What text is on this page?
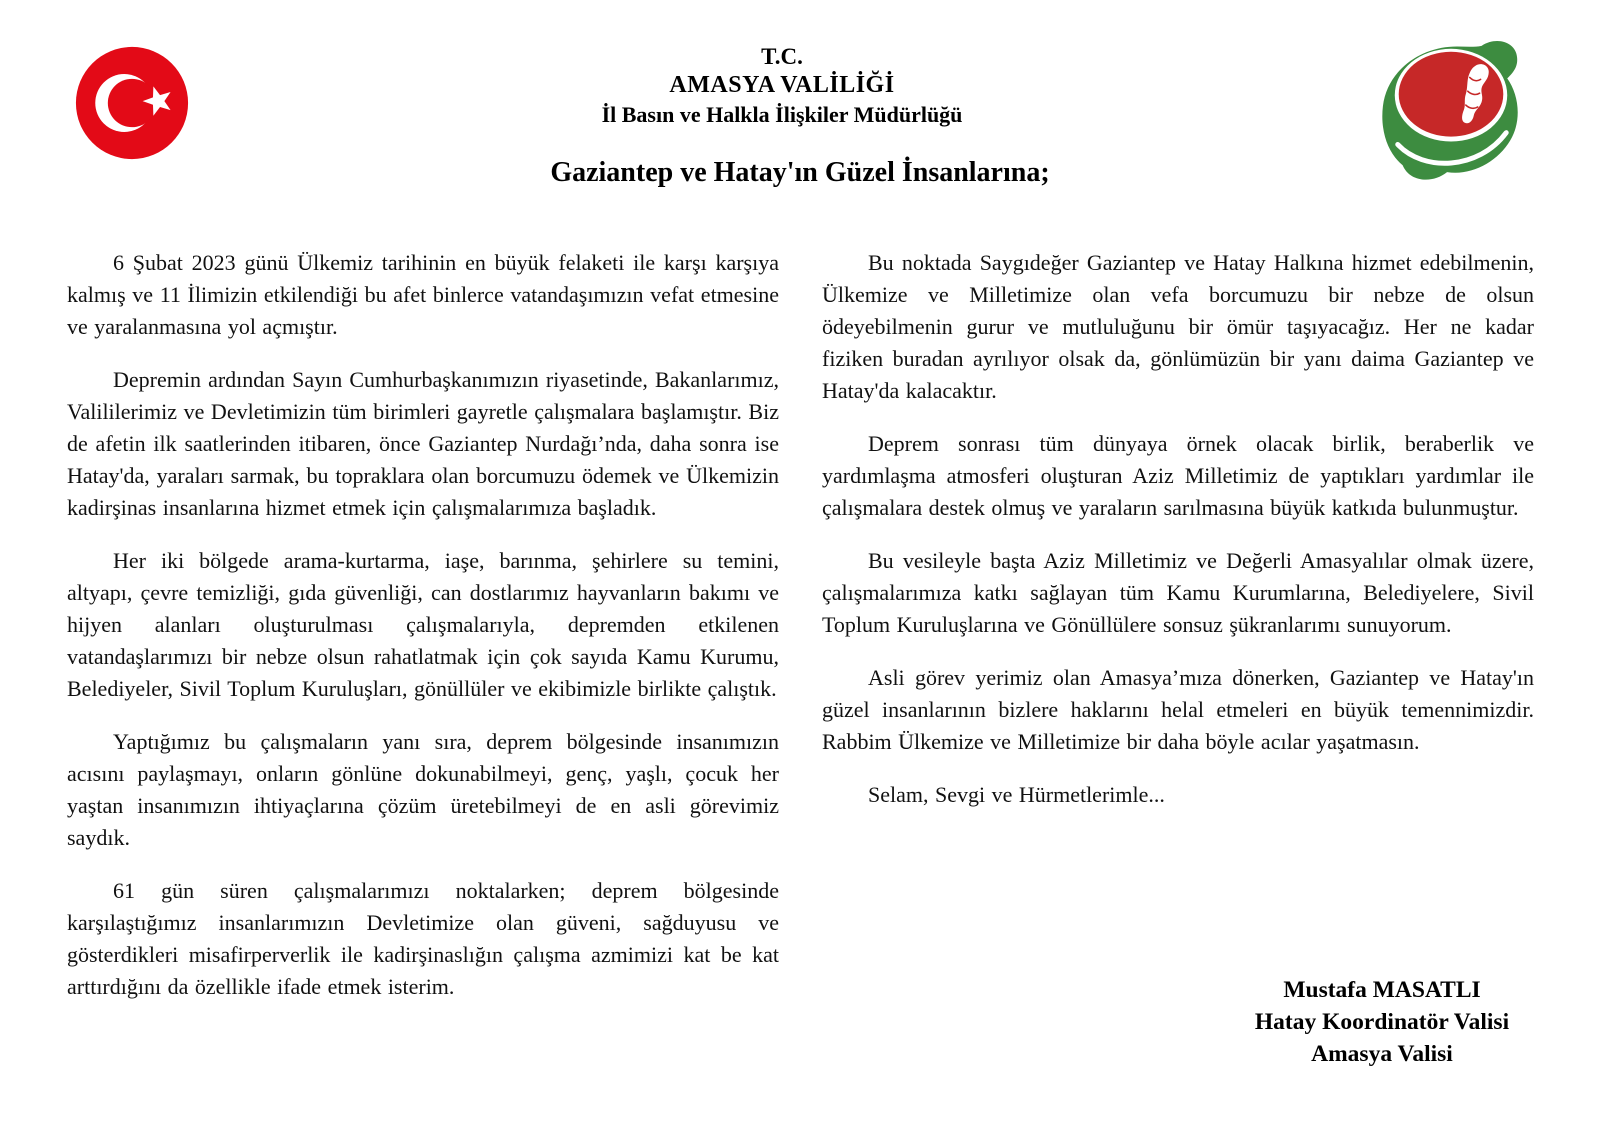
T.C.
AMASYA VALİLİĞİ
İl Basın ve Halkla İlişkiler Müdürlüğü
Gaziantep ve Hatay'ın Güzel İnsanlarına;

6 Şubat 2023 günü Ülkemiz tarihinin en büyük felaketi ile karşı karşıya kalmış ve 11 İlimizin etkilendiği bu afet binlerce vatandaşımızın vefat etmesine ve yaralanmasına yol açmıştır.

Depremin ardından Sayın Cumhurbaşkanımızın riyasetinde, Bakanlarımız, Valililerimiz ve Devletimizin tüm birimleri gayretle çalışmalara başlamıştır. Biz de afetin ilk saatlerinden itibaren, önce Gaziantep Nurdağı’nda, daha sonra ise Hatay'da, yaraları sarmak, bu topraklara olan borcumuzu ödemek ve Ülkemizin kadirşinas insanlarına hizmet etmek için çalışmalarımıza başladık.

Her iki bölgede arama-kurtarma, iaşe, barınma, şehirlere su temini, altyapı, çevre temizliği, gıda güvenliği, can dostlarımız hayvanların bakımı ve hijyen alanları oluşturulması çalışmalarıyla, depremden etkilenen vatandaşlarımızı bir nebze olsun rahatlatmak için çok sayıda Kamu Kurumu, Belediyeler, Sivil Toplum Kuruluşları, gönüllüler ve ekibimizle birlikte çalıştık.

Yaptığımız bu çalışmaların yanı sıra, deprem bölgesinde insanımızın acısını paylaşmayı, onların gönlüne dokunabilmeyi, genç, yaşlı, çocuk her yaştan insanımızın ihtiyaçlarına çözüm üretebilmeyi de en asli görevimiz saydık.

61 gün süren çalışmalarımızı noktalarken; deprem bölgesinde karşılaştığımız insanlarımızın Devletimize olan güveni, sağduyusu ve gösterdikleri misafirperverlik ile kadirşinaslığın çalışma azmimizi kat be kat arttırdığını da özellikle ifade etmek isterim.

Bu noktada Saygıdeğer Gaziantep ve Hatay Halkına hizmet edebilmenin, Ülkemize ve Milletimize olan vefa borcumuzu bir nebze de olsun ödeyebilmenin gurur ve mutluluğunu bir ömür taşıyacağız. Her ne kadar fiziken buradan ayrılıyor olsak da, gönlümüzün bir yanı daima Gaziantep ve Hatay'da kalacaktır.

Deprem sonrası tüm dünyaya örnek olacak birlik, beraberlik ve yardımlaşma atmosferi oluşturan Aziz Milletimiz de yaptıkları yardımlar ile çalışmalara destek olmuş ve yaraların sarılmasına büyük katkıda bulunmuştur.

Bu vesileyle başta Aziz Milletimiz ve Değerli Amasyalılar olmak üzere, çalışmalarımıza katkı sağlayan tüm Kamu Kurumlarına, Belediyelere, Sivil Toplum Kuruluşlarına ve Gönüllülere sonsuz şükranlarımı sunuyorum.

Asli görev yerimiz olan Amasya’mıza dönerken, Gaziantep ve Hatay'ın güzel insanlarının bizlere haklarını helal etmeleri en büyük temennimizdir. Rabbim Ülkemize ve Milletimize bir daha böyle acılar yaşatmasın.

Selam, Sevgi ve Hürmetlerimle...

Mustafa MASATLI
Hatay Koordinatör Valisi
Amasya Valisi
